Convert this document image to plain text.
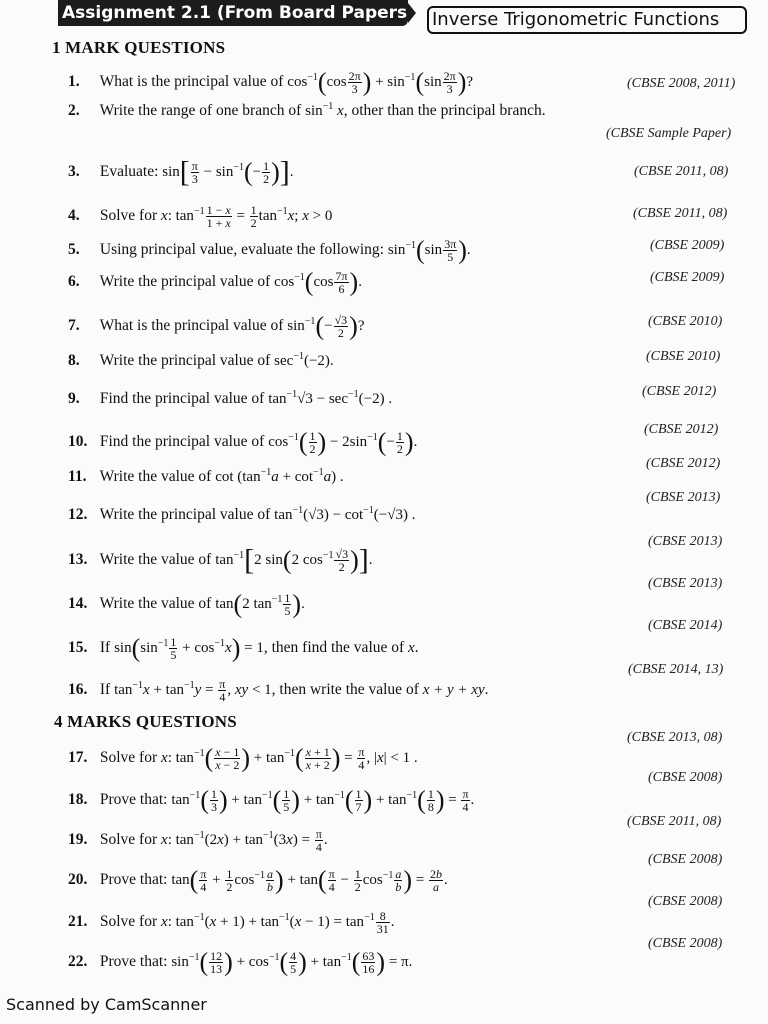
Assignment 2.1 (From Board Papers) Inverse Trigonometric Functions
1 MARK QUESTIONS
1. What is the principal value of $\cos^{-1}(\cos \frac{2\pi}{3}$ ) + $\sin^{-1}(\sin \frac{2\pi}{3}$ )?	(CBSE 2008, 2011)
2. Write the range of one branch of $\sin^{-1} x$, other than the principal branch.
(CBSE Sample Paper)
3. Evaluate: $\sin[ \frac{\pi}{3} - \sin^{-1}(- \frac{1}{2}$ )].	(CBSE 2011, 08)
4. Solve for x: $\tan^{-1} \frac{1 - x}{1 + x} = \frac{1}{2} \tan^{-1}x$; x > 0	(CBSE 2011, 08)
5. Using principal value, evaluate the following: $\sin^{-1}(\sin \frac{3\pi}{5}$ ).	(CBSE 2009)
6. Write the principal value of $\cos^{-1}(\cos \frac{7\pi}{6}$ ).	(CBSE 2009)
7. What is the principal value of $\sin^{-1}(- \frac{√3}{2}$ )?	(CBSE 2010)
8. Write the principal value of $\sec^{-1}(-2)$.	(CBSE 2010)
9. Find the principal value of $\tan^{-1}√3 - \sec^{-1}(-2)$ .	(CBSE 2012)
10. Find the principal value of $\cos^{-1}( \frac{1}{2}$ ) − $2\sin^{-1}(- \frac{1}{2}$ ).
(CBSE 2012)
11. Write the value of $\cot (\tan^{-1}a + \cot^{-1}a)$ .
(CBSE 2012)
12. Write the principal value of $\tan^{-1}(√3) - \cot^{-1}(-√3)$ .
(CBSE 2013)
13. Write the value of $\tan^{-1}[2$ sin(2 $\cos^{-1} \frac{√3}{2}$ )].
(CBSE 2013)
14. Write the value of tan(2 $\tan^{-1} \frac{1}{5}$ ).
(CBSE 2013)
15. If $\sin(\sin^{-1} \frac{1}{5} + \cos^{-1}x) = 1$, then find the value of x.
(CBSE 2014)
16. If $\tan^{-1}x + \tan^{-1}y = \frac{\pi}{4}$ , xy < 1, then write the value of x + y + xy.
(CBSE 2014, 13)
4 MARKS QUESTIONS
17. Solve for x: $\tan^{-1}( \frac{x - 1}{x - 2}$ ) + $\tan^{-1}( \frac{x + 1}{x + 2}$ ) = $\frac{\pi}{4}$ , |x| < 1 .
(CBSE 2013, 08)
18. Prove that: $\tan^{-1}( \frac{1}{3}$ ) + $\tan^{-1}( \frac{1}{5}$ ) + $\tan^{-1}( \frac{1}{7}$ ) + $\tan^{-1}( \frac{1}{8}$ ) = $\frac{\pi}{4}$ .
(CBSE 2008)
19. Solve for x: $\tan^{-1}(2x) + \tan^{-1}(3x) = \frac{\pi}{4}$ .
(CBSE 2011, 08)
20. Prove that: $\tan( \frac{\pi}{4} + \frac{1}{2} \cos^{-1} \frac{a}{b}$ ) + $\tan( \frac{\pi}{4} - \frac{1}{2} \cos^{-1} \frac{a}{b}$ ) = $\frac{2b}{a}$ .
(CBSE 2008)
21. Solve for x: $\tan^{-1}(x + 1) + \tan^{-1}(x - 1) = \tan^{-1} \frac{8}{31}$ .
(CBSE 2008)
22. Prove that: $\sin^{-1}( \frac{12}{13}$ ) + $\cos^{-1}( \frac{4}{5}$ ) + $\tan^{-1}( \frac{63}{16}$ ) = π.
(CBSE 2008)
Scanned by CamScanner
